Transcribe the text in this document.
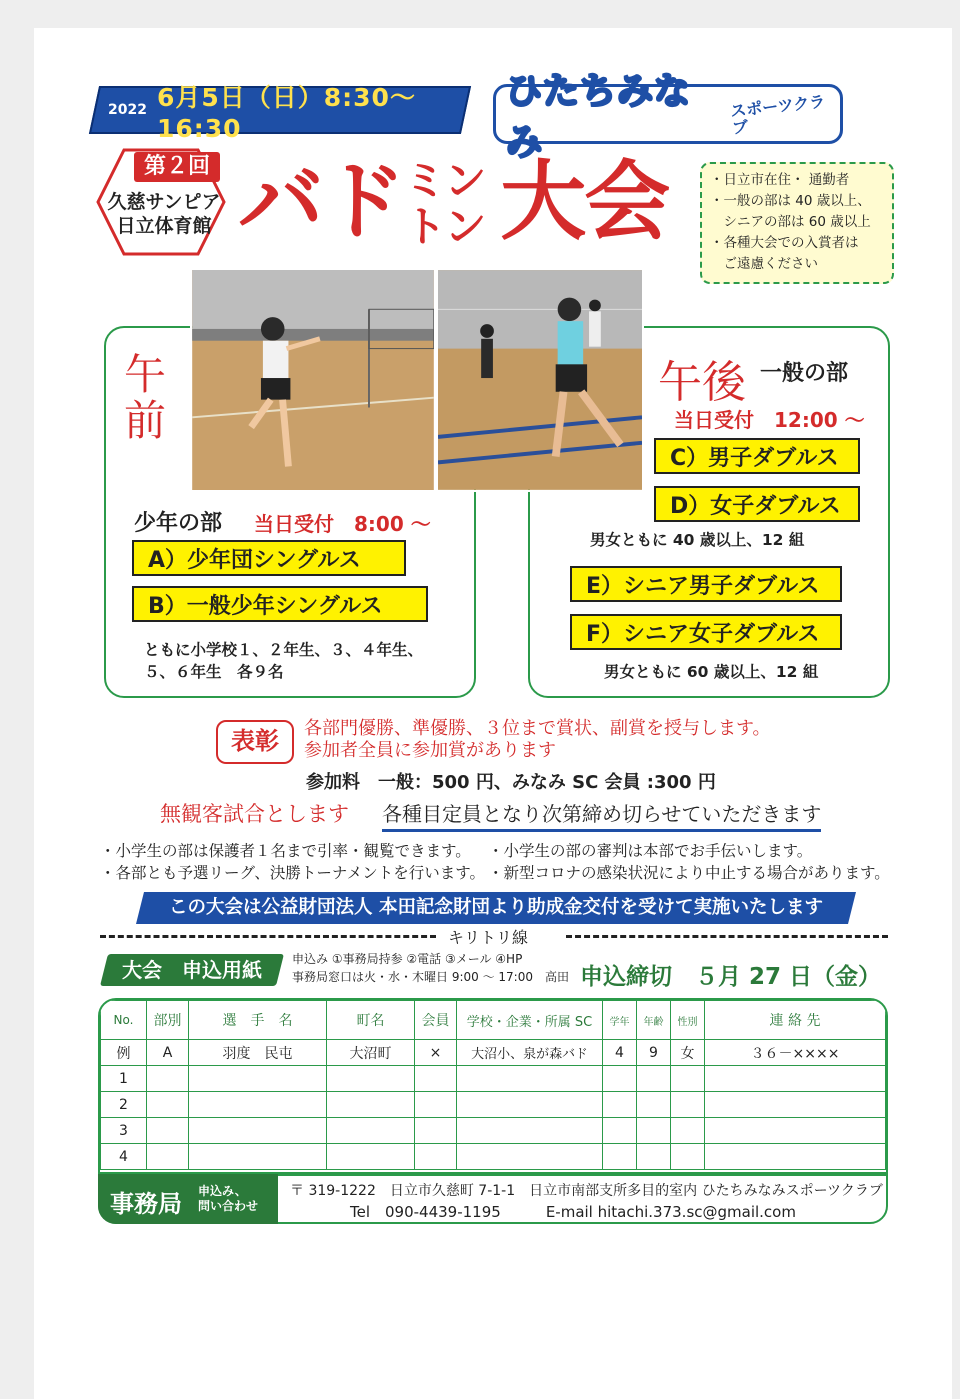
2022 6月5日（日）8:30～16:30
ひたちみなみ
スポーツクラブ
第２回
久慈サンピア
日立体育館 バドミン トン 大会	・日立市在住・ 通勤者
・一般の部は 40 歳以上、
　シニアの部は 60 歳以上
・各種大会での入賞者は
　ご遠慮ください
午前
少年の部 当日受付　8:00 ～
A）少年団シングルス
B）一般少年シングルス
ともに小学校１、２年生、３、４年生、
５、６年生　各９名
午後 一般の部
当日受付　12:00 ～
C）男子ダブルス
D）女子ダブルス
男女ともに 40 歳以上、12 組
E）シニア男子ダブルス
F）シニア女子ダブルス
男女ともに 60 歳以上、12 組
表彰	各部門優勝、準優勝、３位まで賞状、副賞を授与します。
参加者全員に参加賞があります
参加料　一般：500 円、みなみ SC 会員 :300 円
無観客試合とします 各種目定員となり次第締め切らせていただきます
・小学生の部は保護者１名まで引率・観覧できます。
・各部とも予選リーグ、決勝トーナメントを行います。
・小学生の部の審判は本部でお手伝いします。
・新型コロナの感染状況により中止する場合があります。
この大会は公益財団法人 本田記念財団より助成金交付を受けて実施いたします
キリトリ線
大会　申込用紙	申込み ①事務局持参 ②電話 ③メール ④HP
事務局窓口は火・水・木曜日 9:00 ～ 17:00　高田 申込締切　５月 27 日（金）
No.	部別	選　手　名	町名	会員	学校・企業・所属 SC	学年	年齢	性別	連 絡 先
例	A	羽度　民屯	大沼町	×	大沼小、泉が森バド	4	9	女	３６－××××
1									
2									
3									
4									
事務局 申込み、
問い合わせ
〒 319-1222　日立市久慈町 7-1-1　日立市南部支所多目的室内 ひたちみなみスポーツクラブ
Tel　090-4439-1195　　　E-mail hitachi.373.sc@gmail.com
